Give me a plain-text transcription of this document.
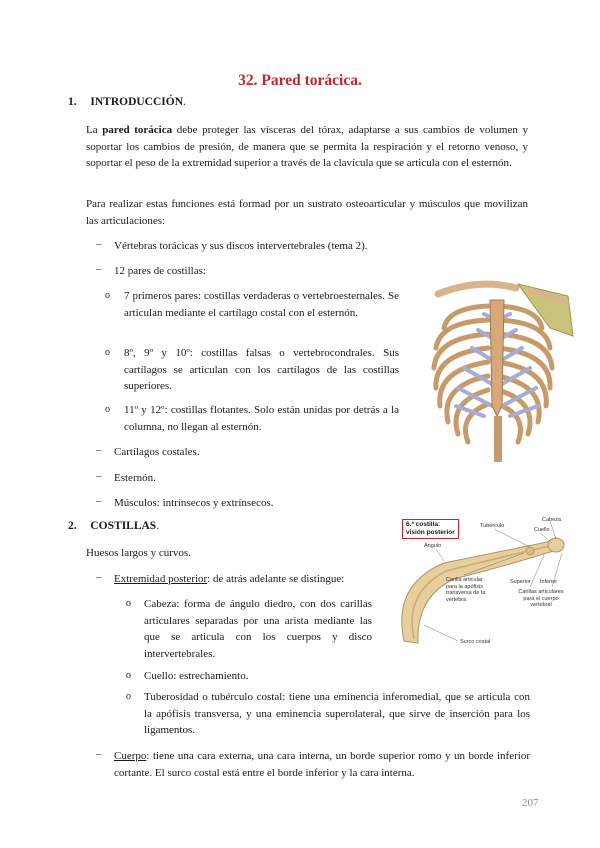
32. Pared torácica.
1. INTRODUCCIÓN.
La pared torácica debe proteger las vísceras del tórax, adaptarse a sus cambios de volumen y soportar los cambios de presión, de manera que se permita la respiración y el retorno venoso, y soportar el peso de la extremidad superior a través de la clavícula que se articula con el esternón.
Para realizar estas funciones está formad por un sustrato osteoarticular y músculos que movilizan las articulaciones:
– Vértebras torácicas y sus discos intervertebrales (tema 2).
– 12 pares de costillas:
o 7 primeros pares: costillas verdaderas o vertebroesternales. Se articulan mediante el cartílago costal con el esternón.
o 8º, 9º y 10º: costillas falsas o vertebrocondrales. Sus cartílagos se articulan con los cartílagos de las costillas superiores.
o 11º y 12º: costillas flotantes. Solo están unidas por detrás a la columna, no llegan al esternón.
– Cartílagos costales.
– Esternón.
– Músculos: intrínsecos y extrínsecos.
2. COSTILLAS.
Huesos largos y curvos.
– Extremidad posterior: de atrás adelante se distingue:
o Cabeza: forma de ángulo diedro, con dos carillas articulares separadas por una arista mediante las que se articula con los cuerpos y disco intervertebrales.
o Cuello: estrechamiento.
o Tuberosidad o tubérculo costal: tiene una eminencia inferomedial, que se articula con la apófisis transversa, y una eminencia superolateral, que sirve de inserción para los ligamentos.
– Cuerpo: tiene una cara externa, una cara interna, un borde superior romo y un borde inferior cortante. El surco costal está entre el borde inferior y la cara interna.
6.ª costilla:
visión posterior
Tubérculo
Cabeza
Cuello
Ángulo
Carilla articular para la apófisis transversa de la vértebra
Superior Inferior
Carillas articulares para el cuerpo vertebral
Surco costal
207
